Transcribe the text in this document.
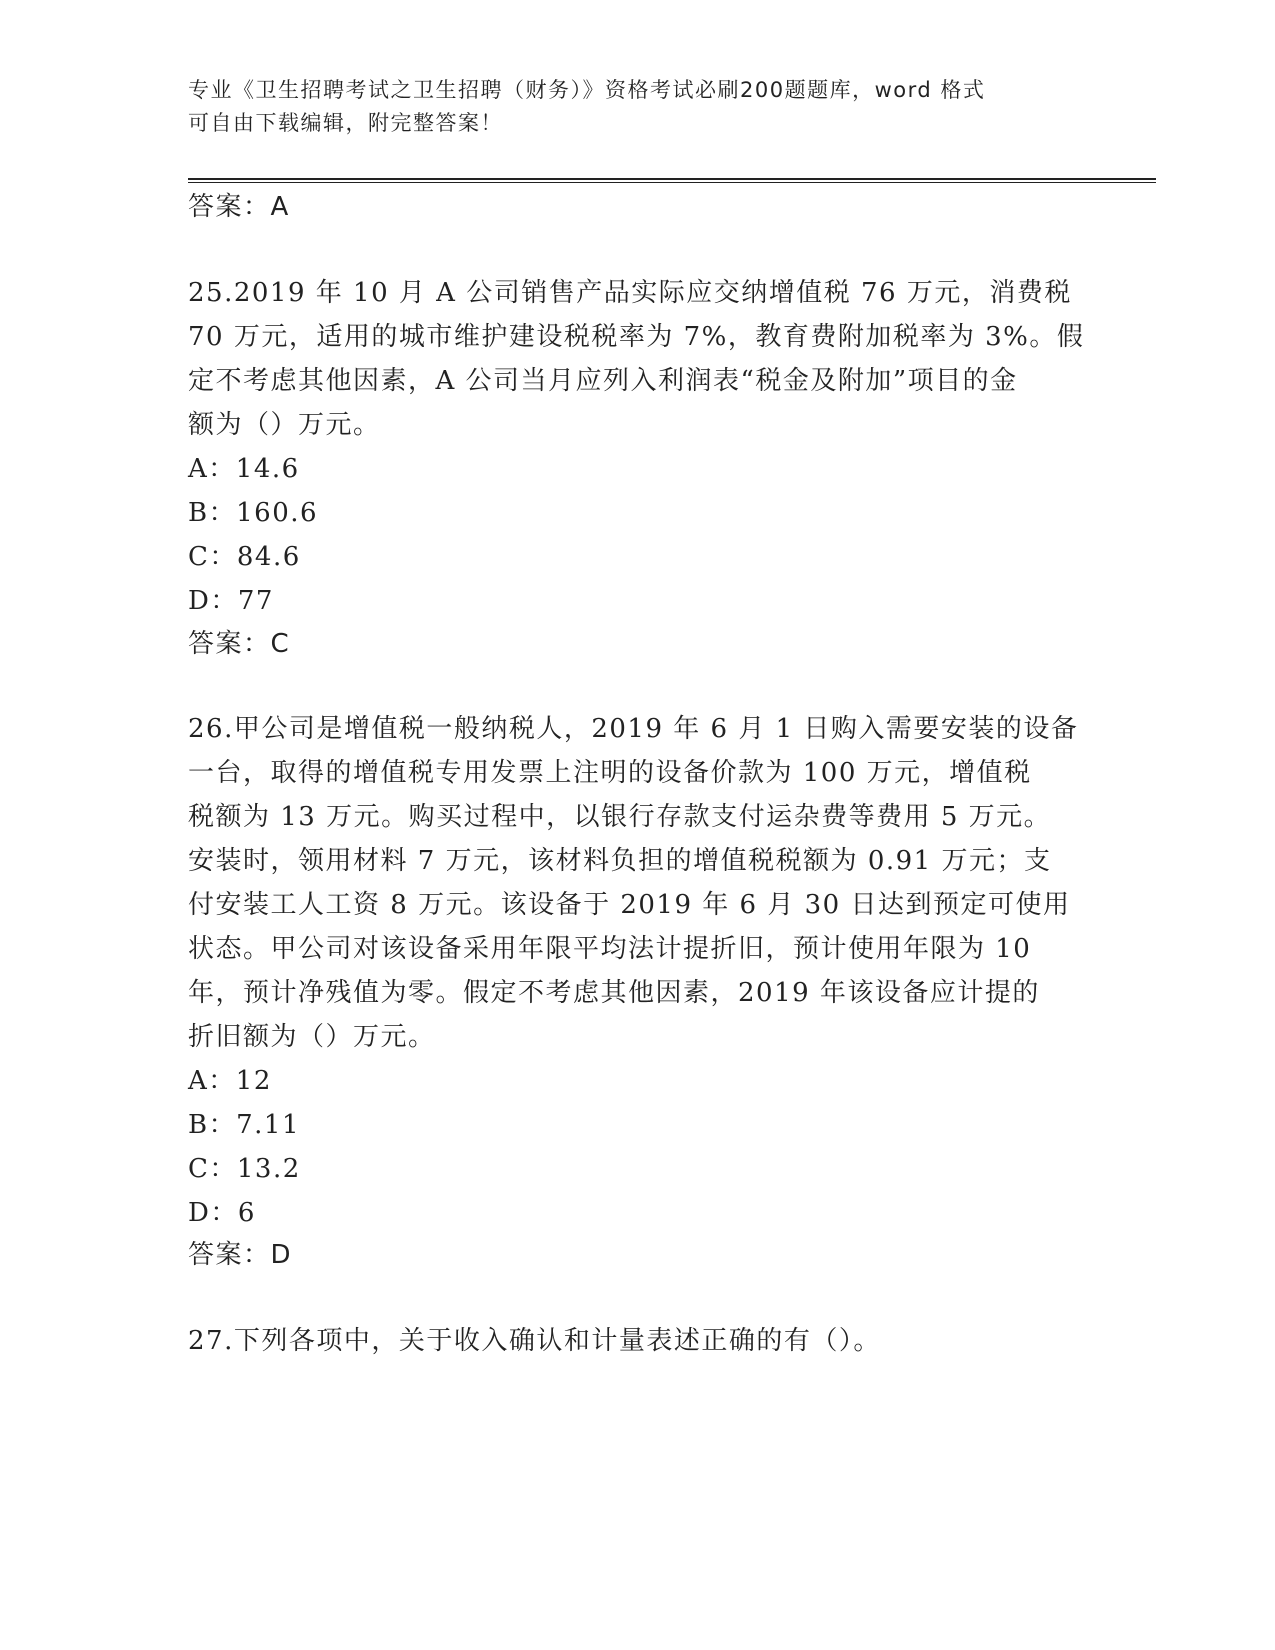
专业《卫生招聘考试之卫生招聘（财务）》资格考试必刷200题题库，word 格式
可自由下载编辑，附完整答案！
答案：A
25.2019 年 10 月 A 公司销售产品实际应交纳增值税 76 万元，消费税
70 万元，适用的城市维护建设税税率为 7%，教育费附加税率为 3%。假
定不考虑其他因素，A 公司当月应列入利润表“税金及附加”项目的金
额为（）万元。
A：14.6
B：160.6
C：84.6
D：77
答案：C
26.甲公司是增值税一般纳税人，2019 年 6 月 1 日购入需要安装的设备
一台，取得的增值税专用发票上注明的设备价款为 100 万元，增值税
税额为 13 万元。购买过程中，以银行存款支付运杂费等费用 5 万元。
安装时，领用材料 7 万元，该材料负担的增值税税额为 0.91 万元；支
付安装工人工资 8 万元。该设备于 2019 年 6 月 30 日达到预定可使用
状态。甲公司对该设备采用年限平均法计提折旧，预计使用年限为 10
年，预计净残值为零。假定不考虑其他因素，2019 年该设备应计提的
折旧额为（）万元。
A：12
B：7.11
C：13.2
D：6
答案：D
27.下列各项中，关于收入确认和计量表述正确的有（）。
